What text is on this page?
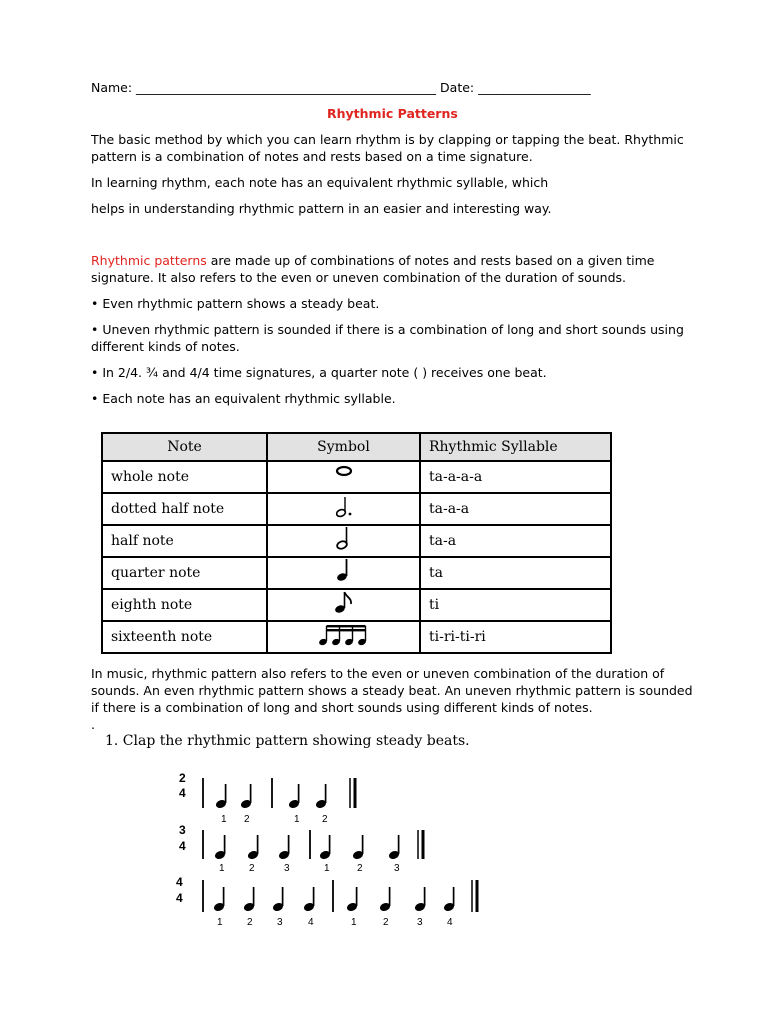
Name: ________________________________________________ Date: __________________
Rhythmic Patterns
The basic method by which you can learn rhythm is by clapping or tapping the beat. Rhythmic
pattern is a combination of notes and rests based on a time signature.
In learning rhythm, each note has an equivalent rhythmic syllable, which
helps in understanding rhythmic pattern in an easier and interesting way.
Rhythmic patterns are made up of combinations of notes and rests based on a given time
signature. It also refers to the even or uneven combination of the duration of sounds.
• Even rhythmic pattern shows a steady beat.
• Uneven rhythmic pattern is sounded if there is a combination of long and short sounds using
different kinds of notes.
• In 2/4. ¾ and 4/4 time signatures, a quarter note ( ) receives one beat.
• Each note has an equivalent rhythmic syllable.
Note	Symbol	Rhythmic Syllable
whole note		ta-a-a-a
dotted half note		ta-a-a
half note		ta-a
quarter note		ta
eighth note		ti
sixteenth note		ti-ri-ti-ri
In music, rhythmic pattern also refers to the even or uneven combination of the duration of
sounds. An even rhythmic pattern shows a steady beat. An uneven rhythmic pattern is sounded
if there is a combination of long and short sounds using different kinds of notes.
.
1. Clap the rhythmic pattern showing steady beats.
2
4
1 2	1 2
3
4
1 2	3	1	2	3
4
4
1 2 3	4	1	2	3 4
